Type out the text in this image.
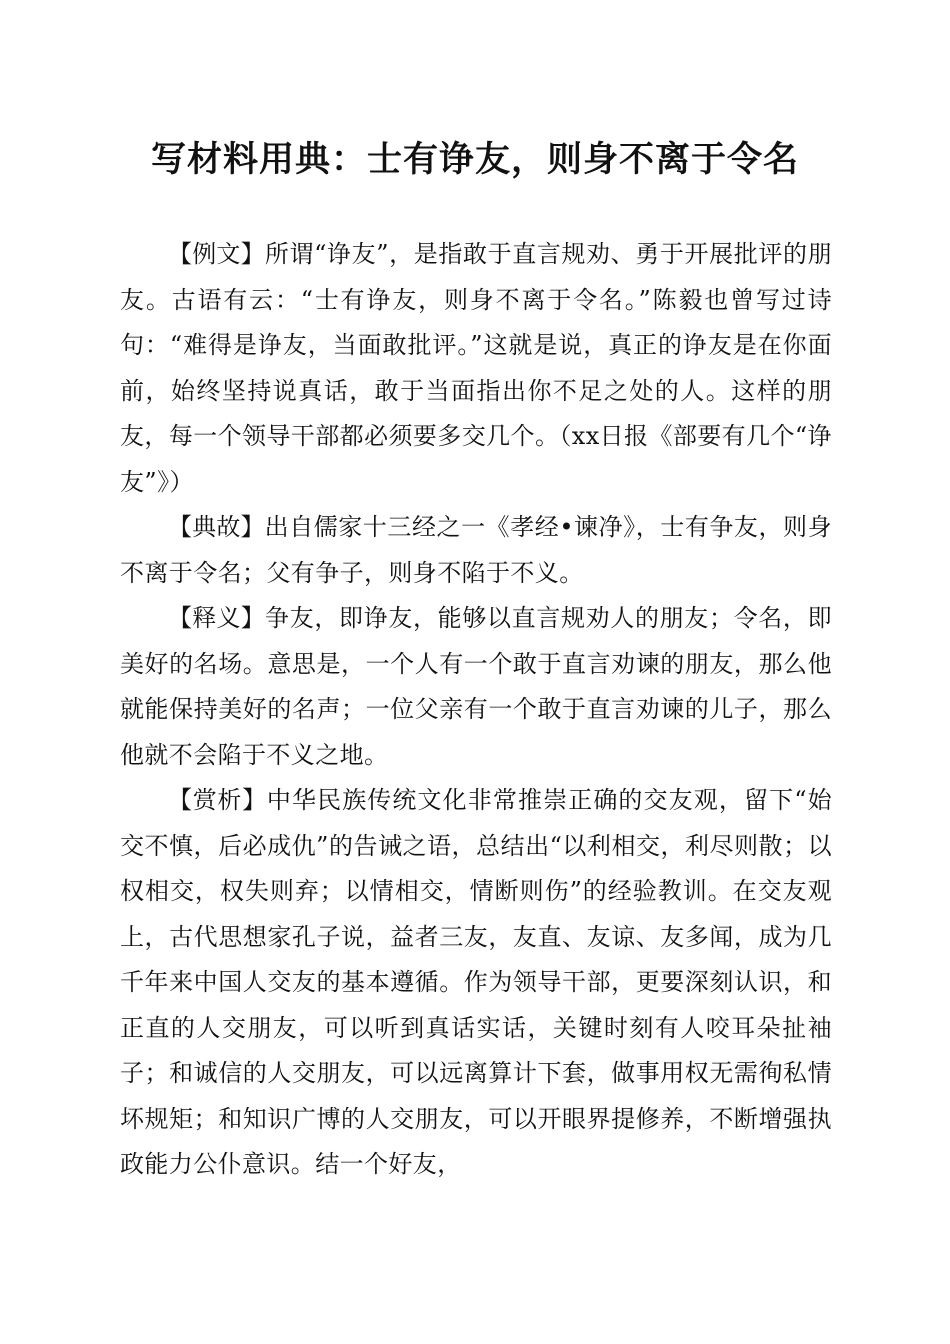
写材料用典：士有诤友，则身不离于令名

【例文】所谓“诤友”，是指敢于直言规劝、勇于开展批评的朋友。古语有云：“士有诤友，则身不离于令名。”陈毅也曾写过诗句：“难得是诤友，当面敢批评。”这就是说，真正的诤友是在你面前，始终坚持说真话，敢于当面指出你不足之处的人。这样的朋友，每一个领导干部都必须要多交几个。（xx日报《部要有几个“诤友”》）

【典故】出自儒家十三经之一《孝经•谏净》，士有争友，则身不离于令名；父有争子，则身不陷于不义。

【释义】争友，即诤友，能够以直言规劝人的朋友；令名，即美好的名场。意思是，一个人有一个敢于直言劝谏的朋友，那么他就能保持美好的名声；一位父亲有一个敢于直言劝谏的儿子，那么他就不会陷于不义之地。

【赏析】中华民族传统文化非常推崇正确的交友观，留下“始交不慎，后必成仇”的告诫之语，总结出“以利相交，利尽则散；以权相交，权失则弃；以情相交，情断则伤”的经验教训。在交友观上，古代思想家孔子说，益者三友，友直、友谅、友多闻，成为几千年来中国人交友的基本遵循。作为领导干部，更要深刻认识，和正直的人交朋友，可以听到真话实话，关键时刻有人咬耳朵扯袖子；和诚信的人交朋友，可以远离算计下套，做事用权无需徇私情坏规矩；和知识广博的人交朋友，可以开眼界提修养，不断增强执政能力公仆意识。结一个好友，
